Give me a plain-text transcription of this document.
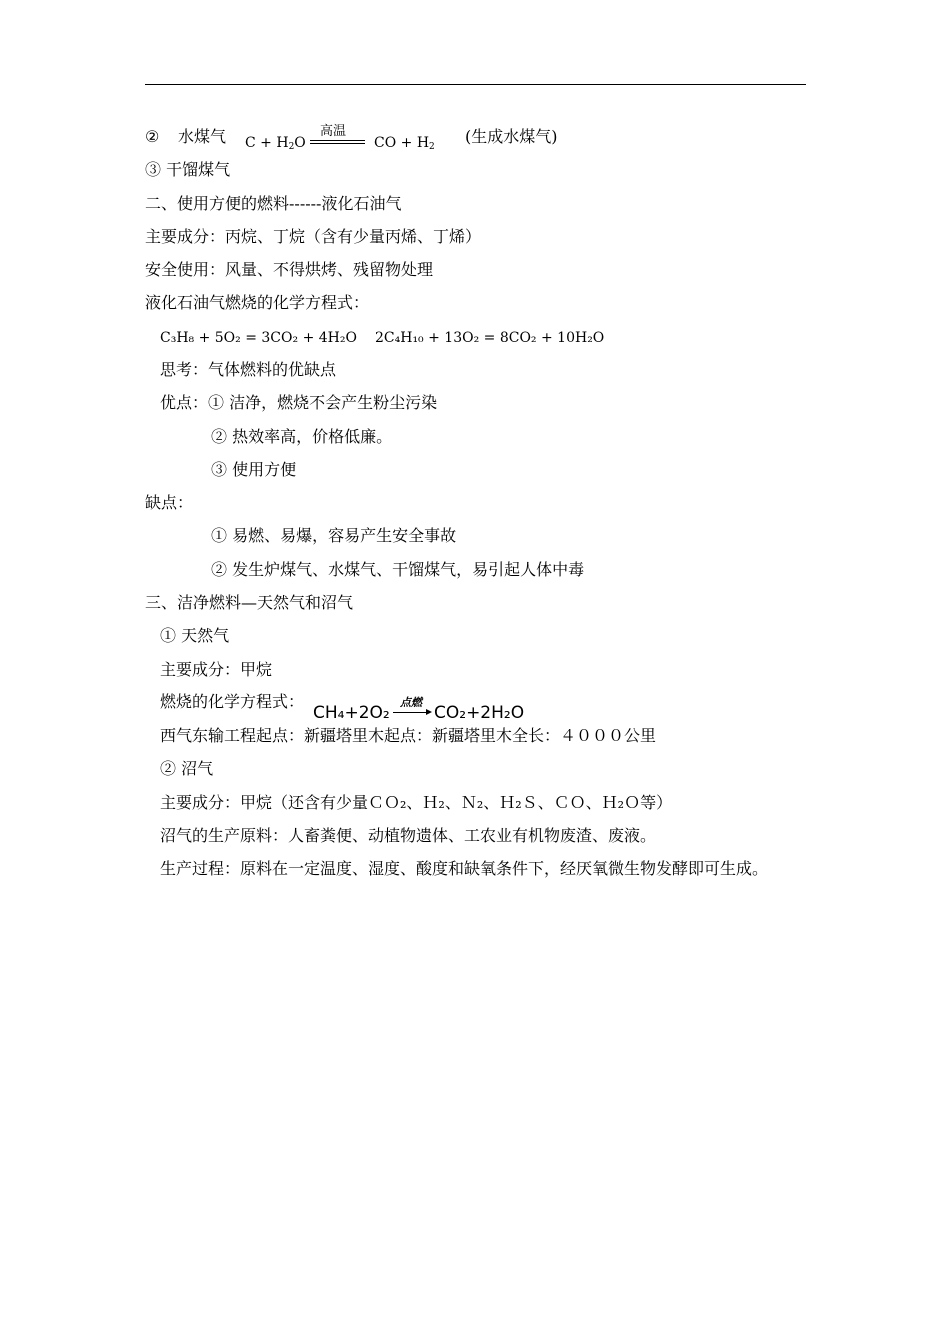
② 水煤气 $C + H_2O$
高温
CO + $H_2$
(生成水煤气)
③ 干馏煤气
二、使用方便的燃料------液化石油气
主要成分：丙烷、丁烷（含有少量丙烯、丁烯）
安全使用：风量、不得烘烤、残留物处理
液化石油气燃烧的化学方程式：
C₃H₈ + 5O₂ = 3CO₂ + 4H₂O 2C₄H₁₀ + 13O₂ = 8CO₂ + 10H₂O
思考：气体燃料的优缺点
优点：① 洁净，燃烧不会产生粉尘污染
② 热效率高，价格低廉。
③ 使用方便
缺点：
① 易燃、易爆，容易产生安全事故
② 发生炉煤气、水煤气、干馏煤气，易引起人体中毒
三、洁净燃料—天然气和沼气
① 天然气
主要成分：甲烷
燃烧的化学方程式：
CH₄+2O₂
点燃
CO₂+2H₂O
西气东输工程起点：新疆塔里木起点：新疆塔里木全长：４０００公里
② 沼气
主要成分：甲烷（还含有少量ＣＯ₂、Ｈ₂、Ｎ₂、Ｈ₂Ｓ、ＣＯ、Ｈ₂Ｏ等）
沼气的生产原料：人畜粪便、动植物遗体、工农业有机物废渣、废液。
生产过程：原料在一定温度、湿度、酸度和缺氧条件下，经厌氧微生物发酵即可生成。
